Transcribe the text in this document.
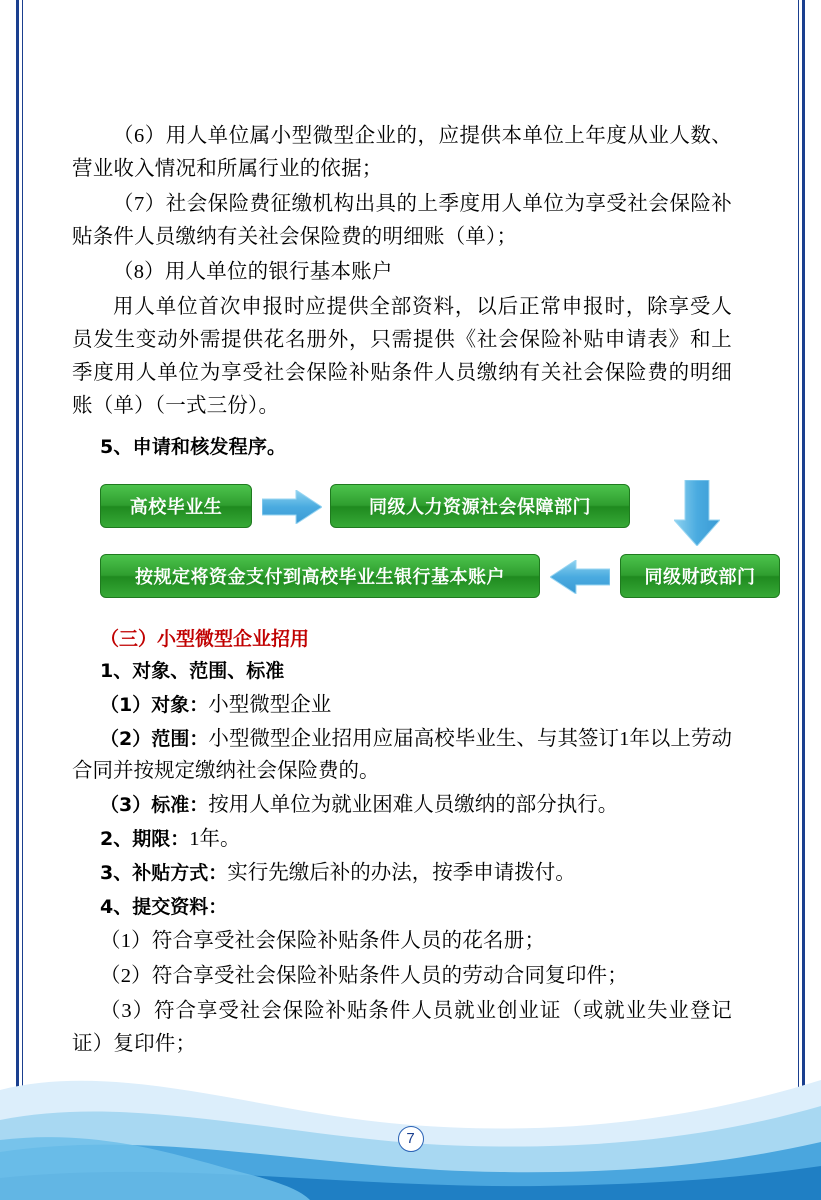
（6）用人单位属小型微型企业的，应提供本单位上年度从业人数、营业收入情况和所属行业的依据；

（7）社会保险费征缴机构出具的上季度用人单位为享受社会保险补贴条件人员缴纳有关社会保险费的明细账（单）；

（8）用人单位的银行基本账户

用人单位首次申报时应提供全部资料，以后正常申报时，除享受人员发生变动外需提供花名册外，只需提供《社会保险补贴申请表》和上季度用人单位为享受社会保险补贴条件人员缴纳有关社会保险费的明细账（单）（一式三份）。

5、申请和核发程序。

高校毕业生	同级人力资源社会保障部门
按规定将资金支付到高校毕业生银行基本账户	同级财政部门

（三）小型微型企业招用

1、对象、范围、标准

（1）对象：小型微型企业

（2）范围：小型微型企业招用应届高校毕业生、与其签订1年以上劳动合同并按规定缴纳社会保险费的。

（3）标准：按用人单位为就业困难人员缴纳的部分执行。

2、期限：1年。

3、补贴方式：实行先缴后补的办法，按季申请拨付。

4、提交资料：

（1）符合享受社会保险补贴条件人员的花名册；

（2）符合享受社会保险补贴条件人员的劳动合同复印件；

（3）符合享受社会保险补贴条件人员就业创业证（或就业失业登记证）复印件；

7
